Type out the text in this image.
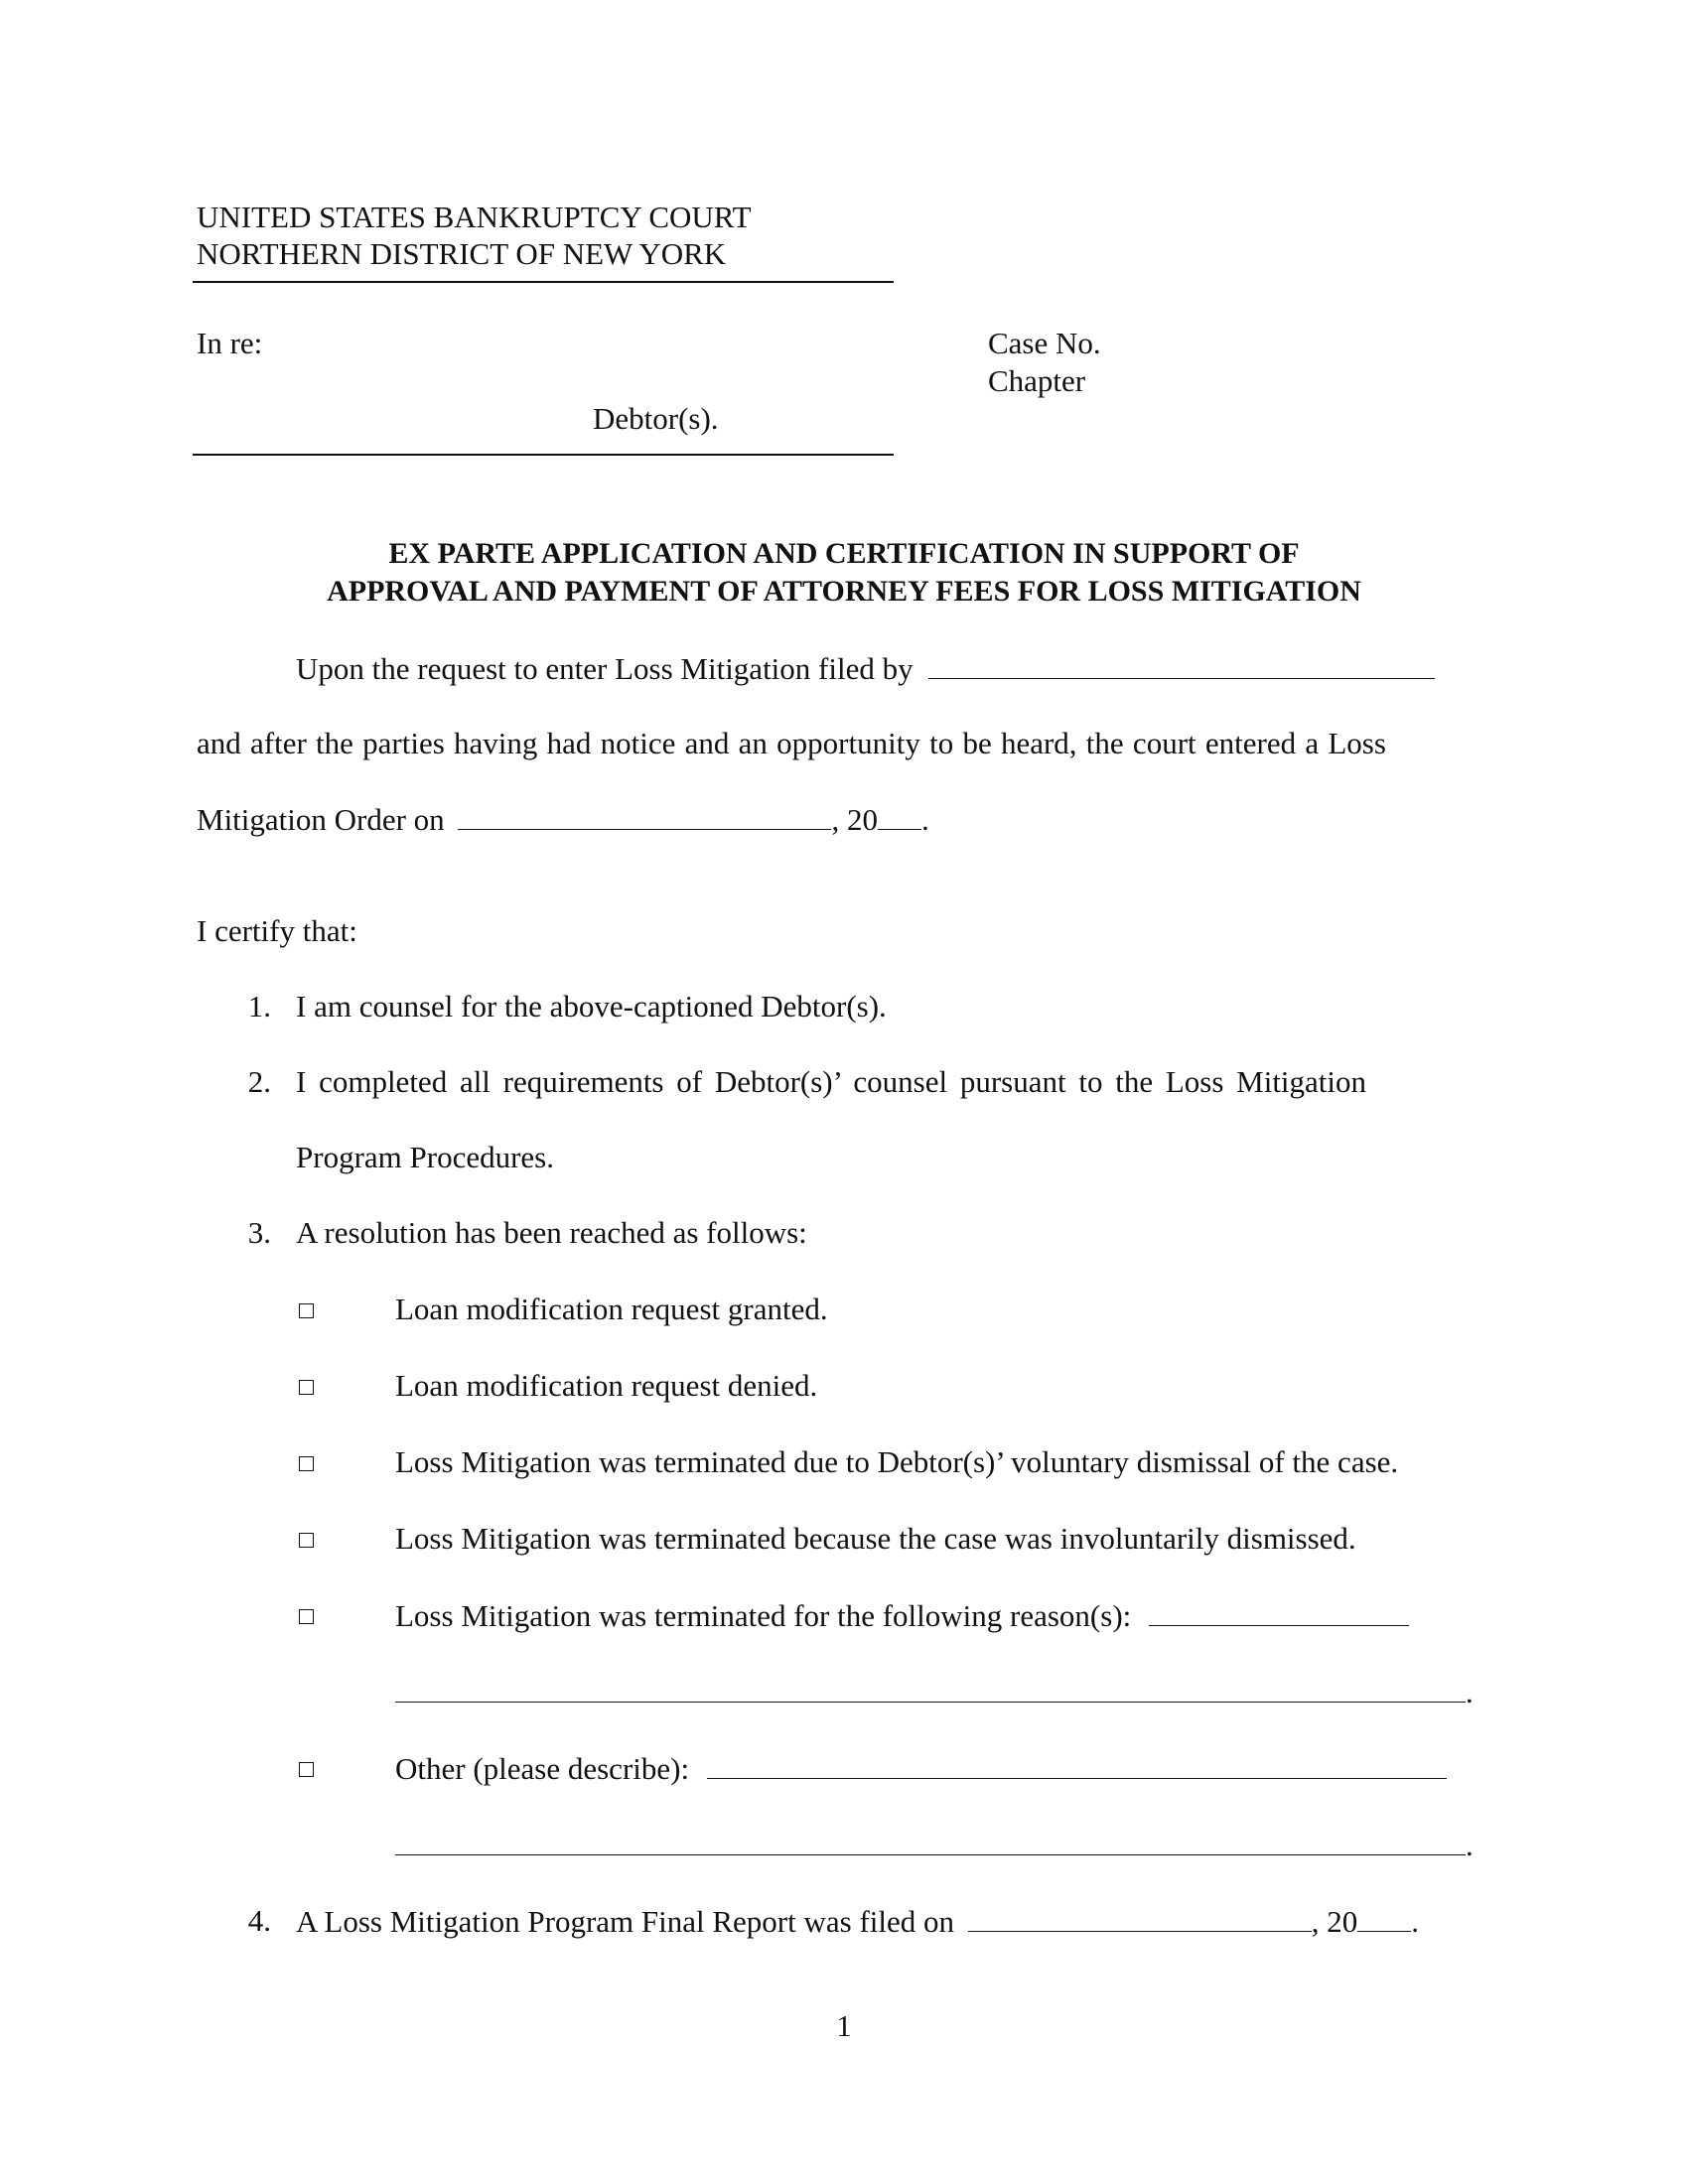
UNITED STATES BANKRUPTCY COURT
NORTHERN DISTRICT OF NEW YORK
In re:	Case No.
Chapter
Debtor(s).
EX PARTE APPLICATION AND CERTIFICATION IN SUPPORT OF
APPROVAL AND PAYMENT OF ATTORNEY FEES FOR LOSS MITIGATION
Upon the request to enter Loss Mitigation filed by
and after the parties having had notice and an opportunity to be heard, the court entered a Loss
Mitigation Order on	, 20 .
I certify that:
1. I am counsel for the above-captioned Debtor(s).
2. I completed all requirements of Debtor(s)’ counsel pursuant to the Loss Mitigation
Program Procedures.
3. A resolution has been reached as follows:
Loan modification request granted.
Loan modification request denied.
Loss Mitigation was terminated due to Debtor(s)’ voluntary dismissal of the case.
Loss Mitigation was terminated because the case was involuntarily dismissed.
Loss Mitigation was terminated for the following reason(s):
.
Other (please describe):
.
4. A Loss Mitigation Program Final Report was filed on	, 20 .
1
